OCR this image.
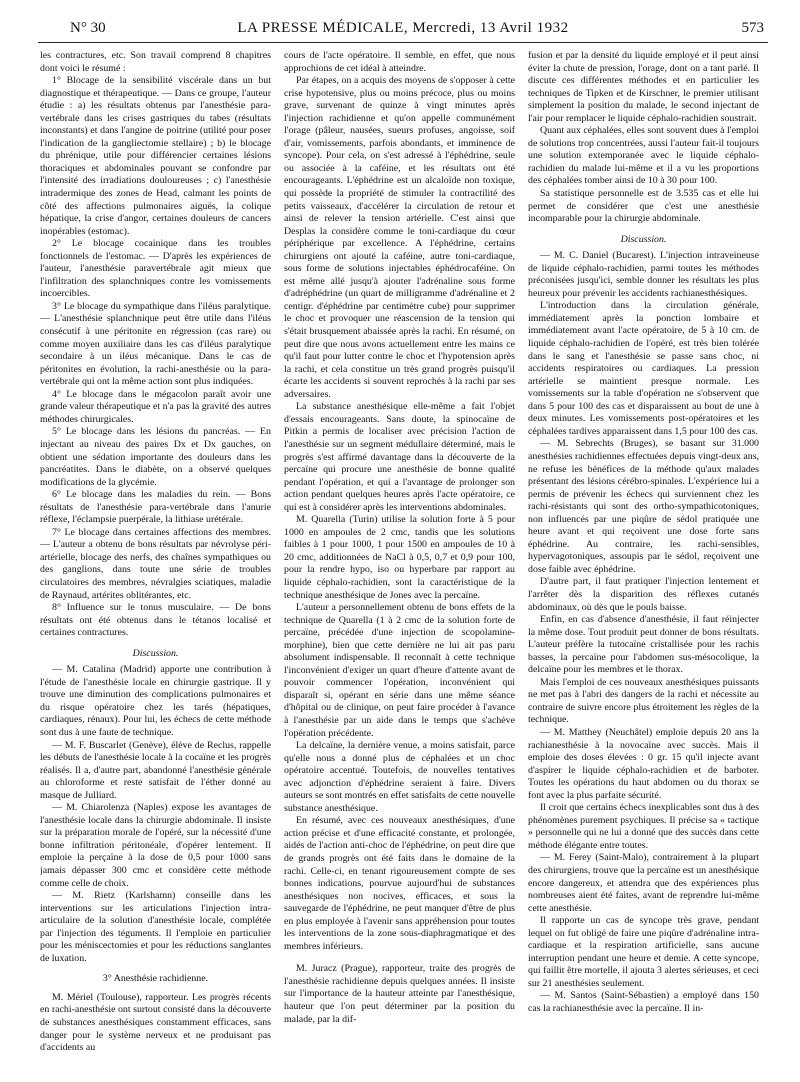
N° 30	LA PRESSE MÉDICALE, Mercredi, 13 Avril 1932	573

les contractures, etc. Son travail comprend 8 chapitres dont voici le résumé :

1° Blocage de la sensibilité viscérale dans un but diagnostique et thérapeutique. — Dans ce groupe, l'auteur étudie : a) les résultats obtenus par l'anesthésie para-vertébrale dans les crises gastriques du tabes (résultats inconstants) et dans l'angine de poitrine (utilité pour poser l'indication de la gangliectomie stellaire) ; b) le blocage du phrénique, utile pour différencier certaines lésions thoraciques et abdominales pouvant se confondre par l'intensité des irradiations douloureuses ; c) l'anesthésie intradermique des zones de Head, calmant les points de côté des affections pulmonaires aiguës, la colique hépatique, la crise d'angor, certaines douleurs de cancers inopérables (estomac).

2° Le blocage cocainique dans les troubles fonctionnels de l'estomac. — D'après les expériences de l'auteur, l'anesthésie paravertébrale agit mieux que l'infiltration des splanchniques contre les vomissements incoercibles.

3° Le blocage du sympathique dans l'iléus paralytique. — L'anesthésie splanchnique peut être utile dans l'iléus consécutif à une péritonite en régression (cas rare) ou comme moyen auxiliaire dans les cas d'iléus paralytique secondaire à un iléus mécanique. Dans le cas de péritonites en évolution, la rachi-anesthésie ou la para-vertébrale qui ont la même action sont plus indiquées.

4° Le blocage dans le mégacolon paraît avoir une grande valeur thérapeutique et n'a pas la gravité des autres méthodes chirurgicales.

5° Le blocage dans les lésions du pancréas. — En injectant au niveau des paires Dx et Dx gauches, on obtient une sédation importante des douleurs dans les pancréatites. Dans le diabète, on a observé quelques modifications de la glycémie.

6° Le blocage dans les maladies du rein. — Bons résultats de l'anesthésie para-vertébrale dans l'anurie réflexe, l'éclampsie puerpérale, la lithiase urétérale.

7° Le blocage dans certaines affections des membres. — L'auteur a obtenu de bons résultats par névrolyse péri-artérielle, blocage des nerfs, des chaînes sympathiques ou des ganglions, dans toute une série de troubles circulatoires des membres, névralgies sciatiques, maladie de Raynaud, artérites oblitérantes, etc.

8° Influence sur le tonus musculaire. — De bons résultats ont été obtenus dans le tétanos localisé et certaines contractures.

Discussion.

— M. Catalina (Madrid) apporte une contribution à l'étude de l'anesthésie locale en chirurgie gastrique. Il y trouve une diminution des complications pulmonaires et du risque opératoire chez les tarés (hépatiques, cardiaques, rénaux). Pour lui, les échecs de cette méthode sont dus à une faute de technique.

— M. F. Buscarlet (Genève), élève de Reclus, rappelle les débuts de l'anesthésie locale à la cocaïne et les progrès réalisés. Il a, d'autre part, abandonné l'anesthésie générale au chloroforme et reste satisfait de l'éther donné au masque de Julliard.

— M. Chiarolenza (Naples) expose les avantages de l'anesthésie locale dans la chirurgie abdominale. Il insiste sur la préparation morale de l'opéré, sur la nécessité d'une bonne infiltration péritonéale, d'opérer lentement. Il emploie la perçaïne à la dose de 0,5 pour 1000 sans jamais dépasser 300 cmc et considère cette méthode comme celle de choix.

— M. Rietz (Karlshamn) conseille dans les interventions sur les articulations l'injection intra-articulaire de la solution d'anesthésie locale, complétée par l'injection des téguments. Il l'emploie en particulier pour les méniscectomies et pour les réductions sanglantes de luxation.

3° Anesthésie rachidienne.

M. Mériel (Toulouse), rapporteur. Les progrès récents en rachi-anesthésie ont surtout consisté dans la découverte de substances anesthésiques constamment efficaces, sans danger pour le système nerveux et ne produisant pas d'accidents au

cours de l'acte opératoire. Il semble, en effet, que nous approchions de cet idéal à atteindre.

Par étapes, on a acquis des moyens de s'opposer à cette crise hypotensive, plus ou moins précoce, plus ou moins grave, survenant de quinze à vingt minutes après l'injection rachidienne et qu'on appelle communément l'orage (pâleur, nausées, sueurs profuses, angoisse, soif d'air, vomissements, parfois abondants, et imminence de syncope). Pour cela, on s'est adressé à l'éphédrine, seule ou associée à la caféine, et les résultats ont été encourageants. L'éphédrine est un alcaloïde non toxique, qui possède la propriété de stimuler la contractilité des petits vaisseaux, d'accélérer la circulation de retour et ainsi de relever la tension artérielle. C'est ainsi que Desplas la considère comme le toni-cardiaque du cœur périphérique par excellence. A l'éphédrine, certains chirurgiens ont ajouté la caféine, autre toni-cardiaque, sous forme de solutions injectables éphédrocaféine. On est même allé jusqu'à ajouter l'adrénaline sous forme d'adréphédrine (un quart de milligramme d'adrénaline et 2 centigr. d'éphédrine par centimètre cube) pour supprimer le choc et provoquer une réascension de la tension qui s'était brusquement abaissée après la rachi. En résumé, on peut dire que nous avons actuellement entre les mains ce qu'il faut pour lutter contre le choc et l'hypotension après la rachi, et cela constitue un très grand progrès puisqu'il écarte les accidents si souvent reprochés à la rachi par ses adversaires.

La substance anesthésique elle-même a fait l'objet d'essais encourageants. Sans doute, la spinocaïne de Pitkin a permis de localiser avec précision l'action de l'anesthésie sur un segment médullaire déterminé, mais le progrès s'est affirmé davantage dans la découverte de la percaïne qui procure une anesthésie de bonne qualité pendant l'opération, et qui a l'avantage de prolonger son action pendant quelques heures après l'acte opératoire, ce qui est à considérer après les interventions abdominales.

M. Quarella (Turin) utilise la solution forte à 5 pour 1000 en ampoules de 2 cmc, tandis que les solutions faibles à 1 pour 1000, 1 pour 1500 en ampoules de 10 à 20 cmc, additionnées de NaCl à 0,5, 0,7 et 0,9 pour 100, pour la rendre hypo, iso ou hyperbare par rapport au liquide céphalo-rachidien, sont la caractéristique de la technique anesthésique de Jones avec la percaïne.

L'auteur a personnellement obtenu de bons effets de la technique de Quarella (1 à 2 cmc de la solution forte de percaïne, précédée d'une injection de scopolamine-morphine), bien que cette dernière ne lui ait pas paru absolument indispensable. Il reconnaît à cette technique l'inconvénient d'exiger un quart d'heure d'attente avant de pouvoir commencer l'opération, inconvénient qui disparaît si, opérant en série dans une même séance d'hôpital ou de clinique, on peut faire procéder à l'avance à l'anesthésie par un aide dans le temps que s'achève l'opération précédente.

La delcaïne, la dernière venue, a moins satisfait, parce qu'elle nous a donné plus de céphalées et un choc opératoire accentué. Toutefois, de nouvelles tentatives avec adjonction d'éphédrine seraient à faire. Divers auteurs se sont montrés en effet satisfaits de cette nouvelle substance anesthésique.

En résumé, avec ces nouveaux anesthésiques, d'une action précise et d'une efficacité constante, et prolongée, aidés de l'action anti-choc de l'éphédrine, on peut dire que de grands progrès ont été faits dans le domaine de la rachi. Celle-ci, en tenant rigoureusement compte de ses bonnes indications, pourvue aujourd'hui de substances anesthésiques non nocives, efficaces, et sous la sauvegarde de l'éphédrine, ne peut manquer d'être de plus en plus employée à l'avenir sans appréhension pour toutes les interventions de la zone sous-diaphragmatique et des membres inférieurs.

M. Juracz (Prague), rapporteur, traite des progrès de l'anesthésie rachidienne depuis quelques années. Il insiste sur l'importance de la hauteur atteinte par l'anesthésique, hauteur que l'on peut déterminer par la position du malade, par la dif-

fusion et par la densité du liquide employé et il peut ainsi éviter la chute de pression, l'orage, dont on a tant parlé. Il discute ces différentes méthodes et en particulier les techniques de Tipken et de Kirschner, le premier utilisant simplement la position du malade, le second injectant de l'air pour remplacer le liquide céphalo-rachidien soustrait.

Quant aux céphalées, elles sont souvent dues à l'emploi de solutions trop concentrées, aussi l'auteur fait-il toujours une solution extemporanée avec le liquide céphalo-rachidien du malade lui-même et il a vu les proportions des céphalées tomber ainsi de 10 à 30 pour 100.

Sa statistique personnelle est de 3.535 cas et elle lui permet de considérer que c'est une anesthésie incomparable pour la chirurgie abdominale.

Discussion.

— M. C. Daniel (Bucarest). L'injection intraveineuse de liquide céphalo-rachidien, parmi toutes les méthodes préconisées jusqu'ici, semble donner les résultats les plus heureux pour prévenir les accidents rachianesthésiques.

L'introduction dans la circulation générale, immédiatement après la ponction lombaire et immédiatement avant l'acte opératoire, de 5 à 10 cm. de liquide céphalo-rachidien de l'opéré, est très bien tolérée dans le sang et l'anesthésie se passe sans choc, ni accidents respiratoires ou cardiaques. La pression artérielle se maintient presque normale. Les vomissements sur la table d'opération ne s'observent que dans 5 pour 100 des cas et disparaissent au bout de une à deux minutes. Les vomissements post-opératoires et les céphalées tardives apparaissent dans 1,5 pour 100 des cas.

— M. Sebrechts (Bruges), se basant sur 31.000 anesthésies rachidiennes effectuées depuis vingt-deux ans, ne refuse les bénéfices de la méthode qu'aux malades présentant des lésions cérébro-spinales. L'expérience lui a permis de prévenir les échecs qui surviennent chez les rachi-résistants qui sont des ortho-sympathicotoniques, non influencés par une piqûre de sédol pratiquée une heure avant et qui reçoivent une dose forte sans éphédrine. Au contraire, les rachi-sensibles, hypervagotoniques, assoupis par le sédol, reçoivent une dose faible avec éphédrine.

D'autre part, il faut pratiquer l'injection lentement et l'arrêter dès la disparition des réflexes cutanés abdominaux, où dès que le pouls baisse.

Enfin, en cas d'absence d'anesthésie, il faut réinjecter la même dose. Tout produit peut donner de bons résultats. L'auteur préfère la tutocaïne cristallisée pour les rachis basses, la percaïne pour l'abdomen sus-mésocolique, la delcaïne pour les membres et le thorax.

Mais l'emploi de ces nouveaux anesthésiques puissants ne met pas à l'abri des dangers de la rachi et nécessite au contraire de suivre encore plus étroitement les règles de la technique.

— M. Matthey (Neuchâtel) emploie depuis 20 ans la rachianesthésie à la novocaïne avec succès. Mais il emploie des doses élevées : 0 gr. 15 qu'il injecte avant d'aspirer le liquide céphalo-rachidien et de barboter. Toutes les opérations du haut abdomen ou du thorax se font avec la plus parfaite sécurité.

Il croit que certains échecs inexplicables sont dus à des phénomènes purement psychiques. Il précise sa « tactique » personnelle qui ne lui a donné que des succès dans cette méthode élégante entre toutes.

— M. Ferey (Saint-Malo), contrairement à la plupart des chirurgiens, trouve que la percaïne est un anesthésique encore dangereux, et attendra que des expériences plus nombreuses aient été faites, avant de reprendre lui-même cette anesthésie.

Il rapporte un cas de syncope très grave, pendant lequel on fut obligé de faire une piqûre d'adrénaline intra-cardiaque et la respiration artificielle, sans aucune interruption pendant une heure et demie. A cette syncope, qui faillit être mortelle, il ajouta 3 alertes sérieuses, et ceci sur 21 anesthésies seulement.

— M. Santos (Saint-Sébastien) a employé dans 150 cas la rachianesthésie avec la percaïne. Il in-
